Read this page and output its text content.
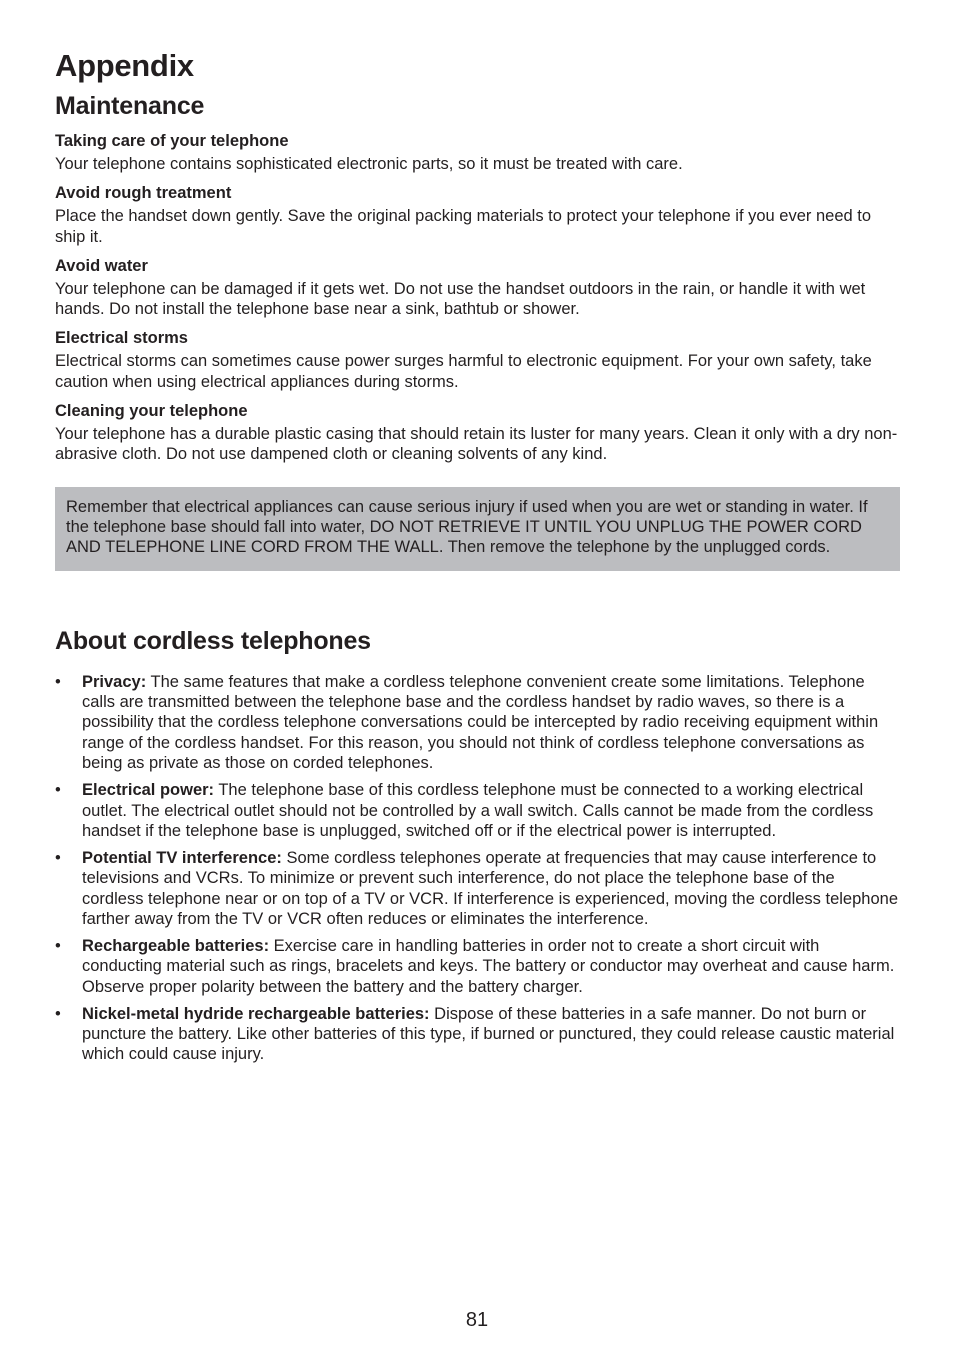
Appendix
Maintenance
Taking care of your telephone

Your telephone contains sophisticated electronic parts, so it must be treated with care.

Avoid rough treatment

Place the handset down gently. Save the original packing materials to protect your telephone if you ever need to ship it.

Avoid water

Your telephone can be damaged if it gets wet. Do not use the handset outdoors in the rain, or handle it with wet hands. Do not install the telephone base near a sink, bathtub or shower.

Electrical storms

Electrical storms can sometimes cause power surges harmful to electronic equipment. For your own safety, take caution when using electrical appliances during storms.

Cleaning your telephone

Your telephone has a durable plastic casing that should retain its luster for many years. Clean it only with a dry non-abrasive cloth. Do not use dampened cloth or cleaning solvents of any kind.

Remember that electrical appliances can cause serious injury if used when you are wet or standing in water. If the telephone base should fall into water, DO NOT RETRIEVE IT UNTIL YOU UNPLUG THE POWER CORD AND TELEPHONE LINE CORD FROM THE WALL. Then remove the telephone by the unplugged cords.
About cordless telephones
• Privacy: The same features that make a cordless telephone convenient create some limitations. Telephone calls are transmitted between the telephone base and the cordless handset by radio waves, so there is a possibility that the cordless telephone conversations could be intercepted by radio receiving equipment within range of the cordless handset. For this reason, you should not think of cordless telephone conversations as being as private as those on corded telephones.
• Electrical power: The telephone base of this cordless telephone must be connected to a working electrical outlet. The electrical outlet should not be controlled by a wall switch. Calls cannot be made from the cordless handset if the telephone base is unplugged, switched off or if the electrical power is interrupted.
• Potential TV interference: Some cordless telephones operate at frequencies that may cause interference to televisions and VCRs. To minimize or prevent such interference, do not place the telephone base of the cordless telephone near or on top of a TV or VCR. If interference is experienced, moving the cordless telephone farther away from the TV or VCR often reduces or eliminates the interference.
• Rechargeable batteries: Exercise care in handling batteries in order not to create a short circuit with conducting material such as rings, bracelets and keys. The battery or conductor may overheat and cause harm. Observe proper polarity between the battery and the battery charger.
• Nickel-metal hydride rechargeable batteries: Dispose of these batteries in a safe manner. Do not burn or puncture the battery. Like other batteries of this type, if burned or punctured, they could release caustic material which could cause injury.
81
